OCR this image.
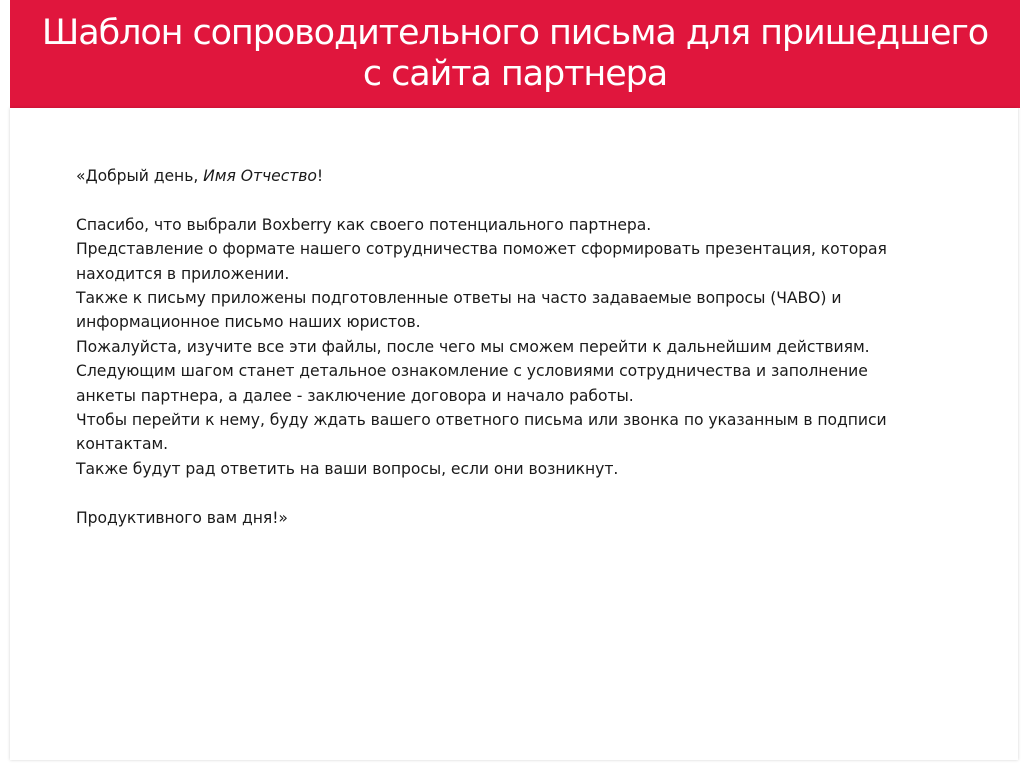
Шаблон сопроводительного письма для пришедшего
с сайта партнера

«Добрый день, Имя Отчество!

Спасибо, что выбрали Boxberry как своего потенциального партнера.

Представление о формате нашего сотрудничества поможет сформировать презентация, которая

находится в приложении.

Также к письму приложены подготовленные ответы на часто задаваемые вопросы (ЧАВО) и

информационное письмо наших юристов.

Пожалуйста, изучите все эти файлы, после чего мы сможем перейти к дальнейшим действиям.

Следующим шагом станет детальное ознакомление с условиями сотрудничества и заполнение

анкеты партнера, а далее - заключение договора и начало работы.

Чтобы перейти к нему, буду ждать вашего ответного письма или звонка по указанным в подписи

контактам.

Также будут рад ответить на ваши вопросы, если они возникнут.

Продуктивного вам дня!»
